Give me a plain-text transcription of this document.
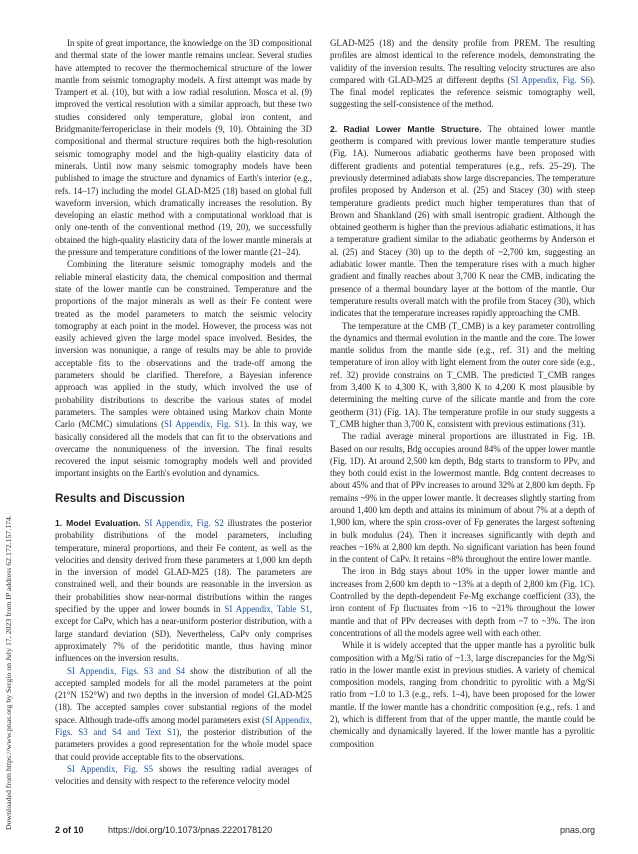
Downloaded from https://www.pnas.org by Sergio on July 17, 2023 from IP address 62.172.157.174.

In spite of great importance, the knowledge on the 3D compositional and thermal state of the lower mantle remains unclear. Several studies have attempted to recover the thermochemical structure of the lower mantle from seismic tomography models. A first attempt was made by Trampert et al. (10), but with a low radial resolution. Mosca et al. (9) improved the vertical resolution with a similar approach, but these two studies considered only temperature, global iron content, and Bridgmanite/ferropericlase in their models (9, 10). Obtaining the 3D compositional and thermal structure requires both the high-resolution seismic tomography model and the high-quality elasticity data of minerals. Until now many seismic tomography models have been published to image the structure and dynamics of Earth's interior (e.g., refs. 14–17) including the model GLAD-M25 (18) based on global full waveform inversion, which dramatically increases the resolution. By developing an elastic method with a computational workload that is only one-tenth of the conventional method (19, 20), we successfully obtained the high-quality elasticity data of the lower mantle minerals at the pressure and temperature conditions of the lower mantle (21–24).

Combining the literature seismic tomography models and the reliable mineral elasticity data, the chemical composition and thermal state of the lower mantle can be constrained. Temperature and the proportions of the major minerals as well as their Fe content were treated as the model parameters to match the seismic velocity tomography at each point in the model. However, the process was not easily achieved given the large model space involved. Besides, the inversion was nonunique, a range of results may be able to provide acceptable fits to the observations and the trade-off among the parameters should be clarified. Therefore, a Bayesian inference approach was applied in the study, which involved the use of probability distributions to describe the various states of model parameters. The samples were obtained using Markov chain Monte Carlo (MCMC) simulations (SI Appendix, Fig. S1). In this way, we basically considered all the models that can fit to the observations and overcame the nonuniqueness of the inversion. The final results recovered the input seismic tomography models well and provided important insights on the Earth's evolution and dynamics.

Results and Discussion

1. Model Evaluation. SI Appendix, Fig. S2 illustrates the posterior probability distributions of the model parameters, including temperature, mineral proportions, and their Fe content, as well as the velocities and density derived from these parameters at 1,000 km depth in the inversion of model GLAD-M25 (18). The parameters are constrained well, and their bounds are reasonable in the inversion as their probabilities show near-normal distributions within the ranges specified by the upper and lower bounds in SI Appendix, Table S1, except for CaPv, which has a near-uniform posterior distribution, with a large standard deviation (SD). Nevertheless, CaPv only comprises approximately 7% of the peridotitic mantle, thus having minor influences on the inversion results.

SI Appendix, Figs. S3 and S4 show the distribution of all the accepted sampled models for all the model parameters at the point (21°N 152°W) and two depths in the inversion of model GLAD-M25 (18). The accepted samples cover substantial regions of the model space. Although trade-offs among model parameters exist (SI Appendix, Figs. S3 and S4 and Text S1), the posterior distribution of the parameters provides a good representation for the whole model space that could provide acceptable fits to the observations.

SI Appendix, Fig. S5 shows the resulting radial averages of velocities and density with respect to the reference velocity model

GLAD-M25 (18) and the density profile from PREM. The resulting profiles are almost identical to the reference models, demonstrating the validity of the inversion results. The resulting velocity structures are also compared with GLAD-M25 at different depths (SI Appendix, Fig. S6). The final model replicates the reference seismic tomography well, suggesting the self-consistence of the method.

2. Radial Lower Mantle Structure. The obtained lower mantle geotherm is compared with previous lower mantle temperature studies (Fig. 1A). Numerous adiabatic geotherms have been proposed with different gradients and potential temperatures (e.g., refs. 25–29). The previously determined adiabats show large discrepancies. The temperature profiles proposed by Anderson et al. (25) and Stacey (30) with steep temperature gradients predict much higher temperatures than that of Brown and Shankland (26) with small isentropic gradient. Although the obtained geotherm is higher than the previous adiabatic estimations, it has a temperature gradient similar to the adiabatic geotherms by Anderson et al. (25) and Stacey (30) up to the depth of ~2,700 km, suggesting an adiabatic lower mantle. Then the temperature rises with a much higher gradient and finally reaches about 3,700 K near the CMB, indicating the presence of a thermal boundary layer at the bottom of the mantle. Our temperature results overall match with the profile from Stacey (30), which indicates that the temperature increases rapidly approaching the CMB.

The temperature at the CMB (T_CMB) is a key parameter controlling the dynamics and thermal evolution in the mantle and the core. The lower mantle solidus from the mantle side (e.g., ref. 31) and the melting temperature of iron alloy with light element from the outer core side (e.g., ref. 32) provide constrains on T_CMB. The predicted T_CMB ranges from 3,400 K to 4,300 K, with 3,800 K to 4,200 K most plausible by determining the melting curve of the silicate mantle and from the core geotherm (31) (Fig. 1A). The temperature profile in our study suggests a T_CMB higher than 3,700 K, consistent with previous estimations (31).

The radial average mineral proportions are illustrated in Fig. 1B. Based on our results, Bdg occupies around 84% of the upper lower mantle (Fig. 1D). At around 2,500 km depth, Bdg starts to transform to PPv, and they both could exist in the lowermost mantle. Bdg content decreases to about 45% and that of PPv increases to around 32% at 2,800 km depth. Fp remains ~9% in the upper lower mantle. It decreases slightly starting from around 1,400 km depth and attains its minimum of about 7% at a depth of 1,900 km, where the spin cross-over of Fp generates the largest softening in bulk modulus (24). Then it increases significantly with depth and reaches ~16% at 2,800 km depth. No significant variation has been found in the content of CaPv. It retains ~8% throughout the entire lower mantle.

The iron in Bdg stays about 10% in the upper lower mantle and increases from 2,600 km depth to ~13% at a depth of 2,800 km (Fig. 1C). Controlled by the depth-dependent Fe-Mg exchange coefficient (33), the iron content of Fp fluctuates from ~16 to ~21% throughout the lower mantle and that of PPv decreases with depth from ~7 to ~3%. The iron concentrations of all the models agree well with each other.

While it is widely accepted that the upper mantle has a pyrolitic bulk composition with a Mg/Si ratio of ~1.3, large discrepancies for the Mg/Si ratio in the lower mantle exist in previous studies. A variety of chemical composition models, ranging from chondritic to pyrolitic with a Mg/Si ratio from ~1.0 to 1.3 (e.g., refs. 1–4), have been proposed for the lower mantle. If the lower mantle has a chondritic composition (e.g., refs. 1 and 2), which is different from that of the upper mantle, the mantle could be chemically and dynamically layered. If the lower mantle has a pyrolitic composition

2 of 10	https://doi.org/10.1073/pnas.2220178120	pnas.org
